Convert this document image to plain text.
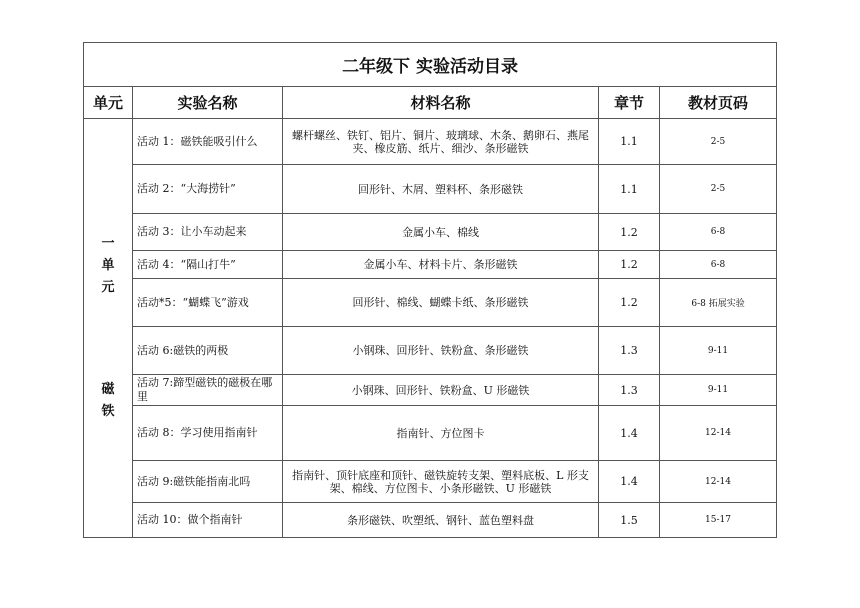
二年级下 实验活动目录				
单元	实验名称	材料名称	章节	教材页码

一
单
元
磁
铁	活动 1：磁铁能吸引什么	螺杆螺丝、铁钉、铝片、铜片、玻璃球、木条、鹅卵石、燕尾夹、橡皮筋、纸片、细沙、条形磁铁	1.1	2-5
	活动 2：“大海捞针”	回形针、木屑、塑料杯、条形磁铁	1.1	2-5
	活动 3：让小车动起来	金属小车、棉线	1.2	6-8
	活动 4：“隔山打牛”	金属小车、材料卡片、条形磁铁	1.2	6-8
	活动*5：“蝴蝶飞”游戏	回形针、棉线、蝴蝶卡纸、条形磁铁	1.2	6-8 拓展实验
	活动 6:磁铁的两极	小钢珠、回形针、铁粉盒、条形磁铁	1.3	9-11
	活动 7:蹄型磁铁的磁极在哪里	小钢珠、回形针、铁粉盒、U 形磁铁	1.3	9-11
	活动 8：学习使用指南针	指南针、方位图卡	1.4	12-14
	活动 9:磁铁能指南北吗	指南针、顶针底座和顶针、磁铁旋转支架、塑料底板、L 形支架、棉线、方位图卡、小条形磁铁、U 形磁铁	1.4	12-14
	活动 10：做个指南针	条形磁铁、吹塑纸、钢针、蓝色塑料盘	1.5	15-17
